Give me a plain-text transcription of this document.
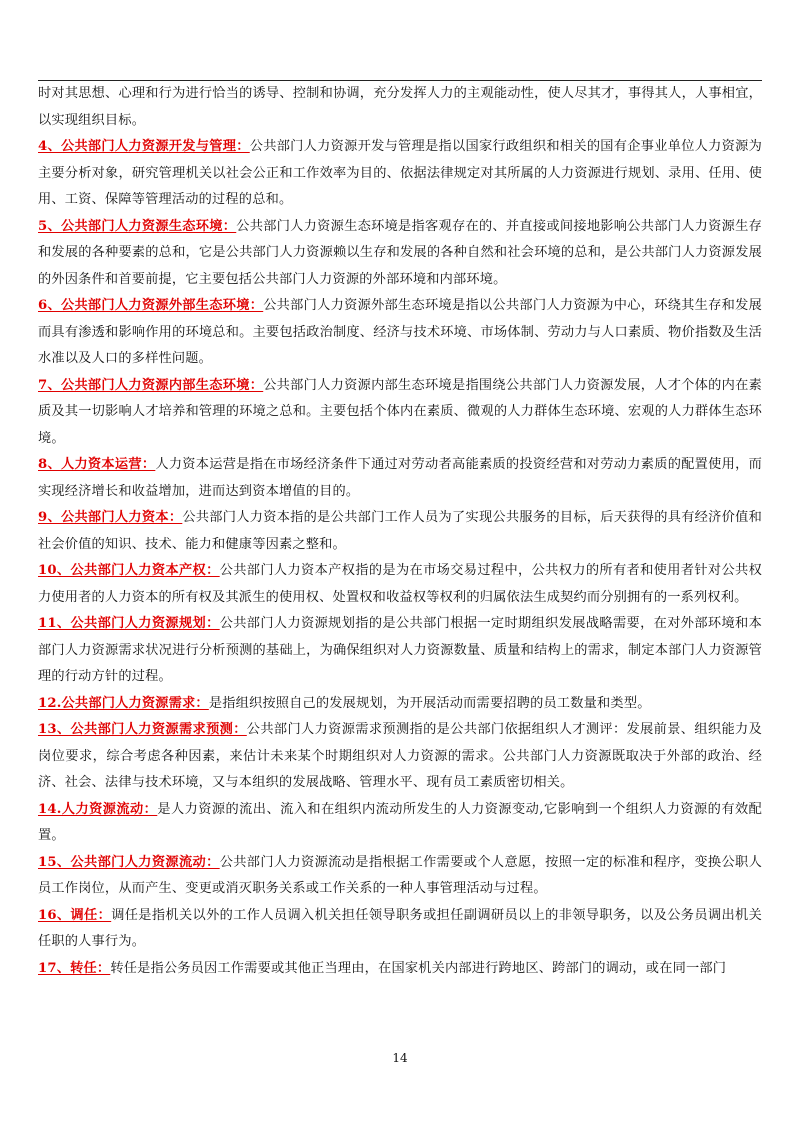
时对其思想、心理和行为进行恰当的诱导、控制和协调，充分发挥人力的主观能动性，使人尽其才，事得其人，人事相宜，以实现组织目标。

4、公共部门人力资源开发与管理：公共部门人力资源开发与管理是指以国家行政组织和相关的国有企事业单位人力资源为主要分析对象，研究管理机关以社会公正和工作效率为目的、依据法律规定对其所属的人力资源进行规划、录用、任用、使用、工资、保障等管理活动的过程的总和。

5、公共部门人力资源生态环境：公共部门人力资源生态环境是指客观存在的、并直接或间接地影响公共部门人力资源生存和发展的各种要素的总和，它是公共部门人力资源赖以生存和发展的各种自然和社会环境的总和，是公共部门人力资源发展的外因条件和首要前提，它主要包括公共部门人力资源的外部环境和内部环境。

6、公共部门人力资源外部生态环境：公共部门人力资源外部生态环境是指以公共部门人力资源为中心，环绕其生存和发展而具有渗透和影响作用的环境总和。主要包括政治制度、经济与技术环境、市场体制、劳动力与人口素质、物价指数及生活水准以及人口的多样性问题。

7、公共部门人力资源内部生态环境：公共部门人力资源内部生态环境是指围绕公共部门人力资源发展，人才个体的内在素质及其一切影响人才培养和管理的环境之总和。主要包括个体内在素质、微观的人力群体生态环境、宏观的人力群体生态环境。

8、人力资本运营：人力资本运营是指在市场经济条件下通过对劳动者高能素质的投资经营和对劳动力素质的配置使用，而实现经济增长和收益增加，进而达到资本增值的目的。

9、公共部门人力资本：公共部门人力资本指的是公共部门工作人员为了实现公共服务的目标，后天获得的具有经济价值和社会价值的知识、技术、能力和健康等因素之整和。

10、公共部门人力资本产权：公共部门人力资本产权指的是为在市场交易过程中，公共权力的所有者和使用者针对公共权力使用者的人力资本的所有权及其派生的使用权、处置权和收益权等权利的归属依法生成契约而分别拥有的一系列权利。

11、公共部门人力资源规划：公共部门人力资源规划指的是公共部门根据一定时期组织发展战略需要，在对外部环境和本部门人力资源需求状况进行分析预测的基础上，为确保组织对人力资源数量、质量和结构上的需求，制定本部门人力资源管理的行动方针的过程。

12.公共部门人力资源需求：是指组织按照自己的发展规划，为开展活动而需要招聘的员工数量和类型。

13、公共部门人力资源需求预测：公共部门人力资源需求预测指的是公共部门依据组织人才测评：发展前景、组织能力及岗位要求，综合考虑各种因素，来估计未来某个时期组织对人力资源的需求。公共部门人力资源既取决于外部的政治、经济、社会、法律与技术环境，又与本组织的发展战略、管理水平、现有员工素质密切相关。

14.人力资源流动：是人力资源的流出、流入和在组织内流动所发生的人力资源变动,它影响到一个组织人力资源的有效配置。

15、公共部门人力资源流动：公共部门人力资源流动是指根据工作需要或个人意愿，按照一定的标准和程序，变换公职人员工作岗位，从而产生、变更或消灭职务关系或工作关系的一种人事管理活动与过程。

16、调任：调任是指机关以外的工作人员调入机关担任领导职务或担任副调研员以上的非领导职务，以及公务员调出机关任职的人事行为。

17、转任：转任是指公务员因工作需要或其他正当理由，在国家机关内部进行跨地区、跨部门的调动，或在同一部门

14
